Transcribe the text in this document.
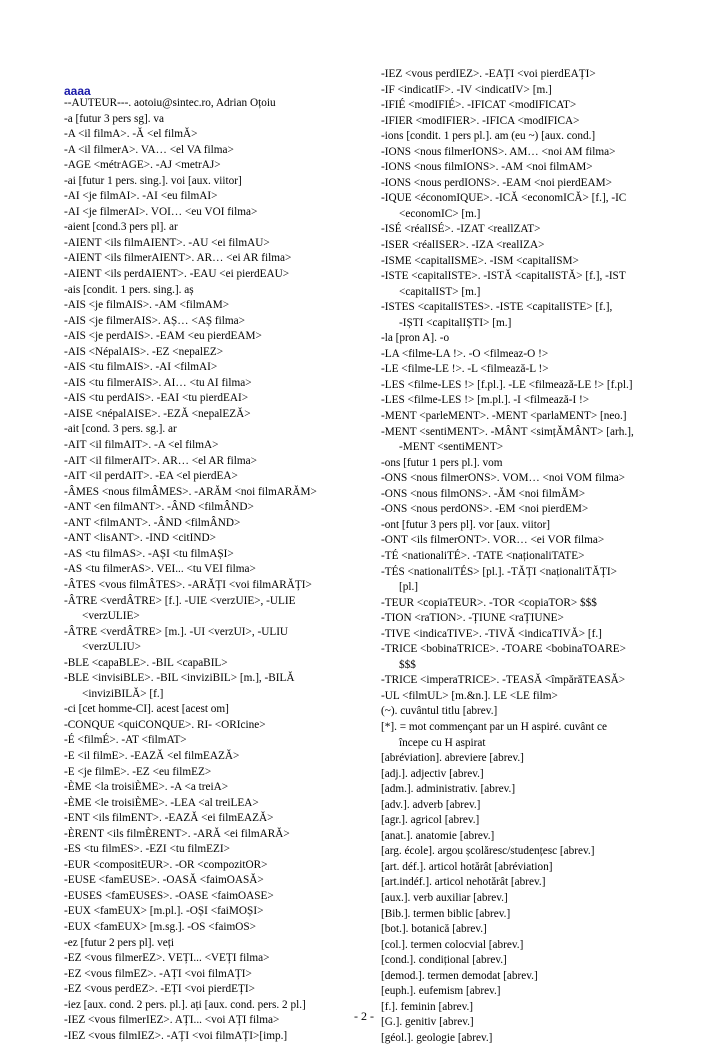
aaaa
--AUTEUR---. aotoiu@sintec.ro, Adrian Oțoiu
-a [futur 3 pers sg]. va
-A <il filmA>. -Ă <el filmĂ>
-A <il filmerA>. VA… <el VA filma>
-AGE <métrAGE>. -AJ <metrAJ>
-ai [futur 1 pers. sing.]. voi [aux. viitor]
-AI <je filmAI>. -AI <eu filmAI>
-AI <je filmerAI>. VOI… <eu VOI filma>
-aient [cond.3 pers pl]. ar
-AIENT <ils filmAIENT>. -AU <ei filmAU>
-AIENT <ils filmerAIENT>. AR… <ei AR filma>
-AIENT <ils perdAIENT>. -EAU <ei pierdEAU>
-ais [condit. 1 pers. sing.]. aș
-AIS <je filmAIS>. -AM <filmAM>
-AIS <je filmerAIS>. AȘ… <AȘ filma>
-AIS <je perdAIS>. -EAM <eu pierdEAM>
-AIS <NépalAIS>. -EZ <nepalEZ>
-AIS <tu filmAIS>. -AI <filmAI>
-AIS <tu filmerAIS>. AI… <tu AI filma>
-AIS <tu perdAIS>. -EAI <tu pierdEAI>
-AISE <népalAISE>. -EZĂ <nepalEZĂ>
-ait [cond. 3 pers. sg.]. ar
-AIT <il filmAIT>. -A <el filmA>
-AIT <il filmerAIT>. AR… <el AR filma>
-AIT <il perdAIT>. -EA <el pierdEA>
-ÂMES <nous filmÂMES>. -ARĂM <noi filmARĂM>
-ANT <en filmANT>. -ÂND <filmÂND>
-ANT <filmANT>. -ÂND <filmÂND>
-ANT <lisANT>. -IND <citIND>
-AS <tu filmAS>. -AȘI <tu filmAȘI>
-AS <tu filmerAS>. VEI... <tu VEI filma>
-ÂTES <vous filmÂTES>. -ARĂȚI <voi filmARĂȚI>
-ÂTRE <verdÂTRE> [f.]. -UIE <verzUIE>, -ULIE
<verzULIE>
-ÂTRE <verdÂTRE> [m.]. -UI <verzUI>, -ULIU
<verzULIU>
-BLE <capaBLE>. -BIL <capaBIL>
-BLE <invisiBLE>. -BIL <inviziBIL> [m.], -BILĂ
<inviziBILĂ> [f.]
-ci [cet homme-CI]. acest [acest om]
-CONQUE <quiCONQUE>. RI- <ORIcine>
-É <filmÉ>. -AT <filmAT>
-E <il filmE>. -EAZĂ <el filmEAZĂ>
-E <je filmE>. -EZ <eu filmEZ>
-ÈME <la troisiÈME>. -A <a treiA>
-ÈME <le troisiÈME>. -LEA <al treiLEA>
-ENT <ils filmENT>. -EAZĂ <ei filmEAZĂ>
-ÈRENT <ils filmÈRENT>. -ARĂ <ei filmARĂ>
-ES <tu filmES>. -EZI <tu filmEZI>
-EUR <compositEUR>. -OR <compozitOR>
-EUSE <famEUSE>. -OASĂ <faimOASĂ>
-EUSES <famEUSES>. -OASE <faimOASE>
-EUX <famEUX> [m.pl.]. -OȘI <faiMOȘI>
-EUX <famEUX> [m.sg.]. -OS <faimOS>
-ez [futur 2 pers pl]. veți
-EZ <vous filmerEZ>. VEȚI... <VEȚI filma>
-EZ <vous filmEZ>. -AȚI <voi filmAȚI>
-EZ <vous perdEZ>. -EȚI <voi pierdEȚI>
-iez [aux. cond. 2 pers. pl.]. ați [aux. cond. pers. 2 pl.]
-IEZ <vous filmerIEZ>. AȚI... <voi AȚI filma>
-IEZ <vous filmIEZ>. -AȚI <voi filmAȚI>[imp.]
-IEZ <vous perdIEZ>. -EAȚI <voi pierdEAȚI>
-IF <indicatIF>. -IV <indicatIV> [m.]
-IFIÉ <modIFIÉ>. -IFICAT <modIFICAT>
-IFIER <modIFIER>. -IFICA <modIFICA>
-ions [condit. 1 pers pl.]. am (eu ~) [aux. cond.]
-IONS <nous filmerIONS>. AM… <noi AM filma>
-IONS <nous filmIONS>. -AM <noi filmAM>
-IONS <nous perdIONS>. -EAM <noi pierdEAM>
-IQUE <économIQUE>. -ICĂ <economICĂ> [f.], -IC
<economIC> [m.]
-ISÉ <réalISÉ>. -IZAT <reallZAT>
-ISER <réalISER>. -IZA <realIZA>
-ISME <capitalISME>. -ISM <capitalISM>
-ISTE <capitalISTE>. -ISTĂ <capitalISTĂ> [f.], -IST
<capitalIST> [m.]
-ISTES <capitalISTES>. -ISTE <capitalISTE> [f.],
-IȘTI <capitalIȘTI> [m.]
-la [pron A]. -o
-LA <filme-LA !>. -O <filmeaz-O !>
-LE <filme-LE !>. -L <filmează-L !>
-LES <filme-LES !> [f.pl.]. -LE <filmează-LE !> [f.pl.]
-LES <filme-LES !> [m.pl.]. -I <filmează-I !>
-MENT <parleMENT>. -MENT <parlaMENT> [neo.]
-MENT <sentiMENT>. -MÂNT <simțĂMÂNT> [arh.],
-MENT <sentiMENT>
-ons [futur 1 pers pl.]. vom
-ONS <nous filmerONS>. VOM… <noi VOM filma>
-ONS <nous filmONS>. -ĂM <noi filmĂM>
-ONS <nous perdONS>. -EM <noi pierdEM>
-ont [futur 3 pers pl]. vor [aux. viitor]
-ONT <ils filmerONT>. VOR… <ei VOR filma>
-TÉ <nationaliTÉ>. -TATE <naționaliTATE>
-TÉS <nationaliTÉS> [pl.]. -TĂȚI <naționaliTĂȚI>
[pl.]
-TEUR <copiaTEUR>. -TOR <copiaTOR> $$$
-TION <raTION>. -ȚIUNE <raȚIUNE>
-TIVE <indicaTIVE>. -TIVĂ <indicaTIVĂ> [f.]
-TRICE <bobinaTRICE>. -TOARE <bobinaTOARE>
$$$
-TRICE <imperaTRICE>. -TEASĂ <împărăTEASĂ>
-UL <filmUL> [m.&n.]. LE <LE film>
(~). cuvântul titlu [abrev.]
[*]. = mot commençant par un H aspiré. cuvânt ce
începe cu H aspirat
[abréviation]. abreviere [abrev.]
[adj.]. adjectiv [abrev.]
[adm.]. administrativ. [abrev.]
[adv.]. adverb [abrev.]
[agr.]. agricol [abrev.]
[anat.]. anatomie [abrev.]
[arg. école]. argou școlăresc/studențesc [abrev.]
[art. déf.]. articol hotărât [abréviation]
[art.indéf.]. articol nehotărât [abrev.]
[aux.]. verb auxiliar [abrev.]
[Bib.]. termen biblic [abrev.]
[bot.]. botanică [abrev.]
[col.]. termen colocvial [abrev.]
[cond.]. condițional [abrev.]
[demod.]. termen demodat [abrev.]
[euph.]. eufemism [abrev.]
[f.]. feminin [abrev.]
[G.]. genitiv [abrev.]
[géol.]. geologie [abrev.]
- 2 -
